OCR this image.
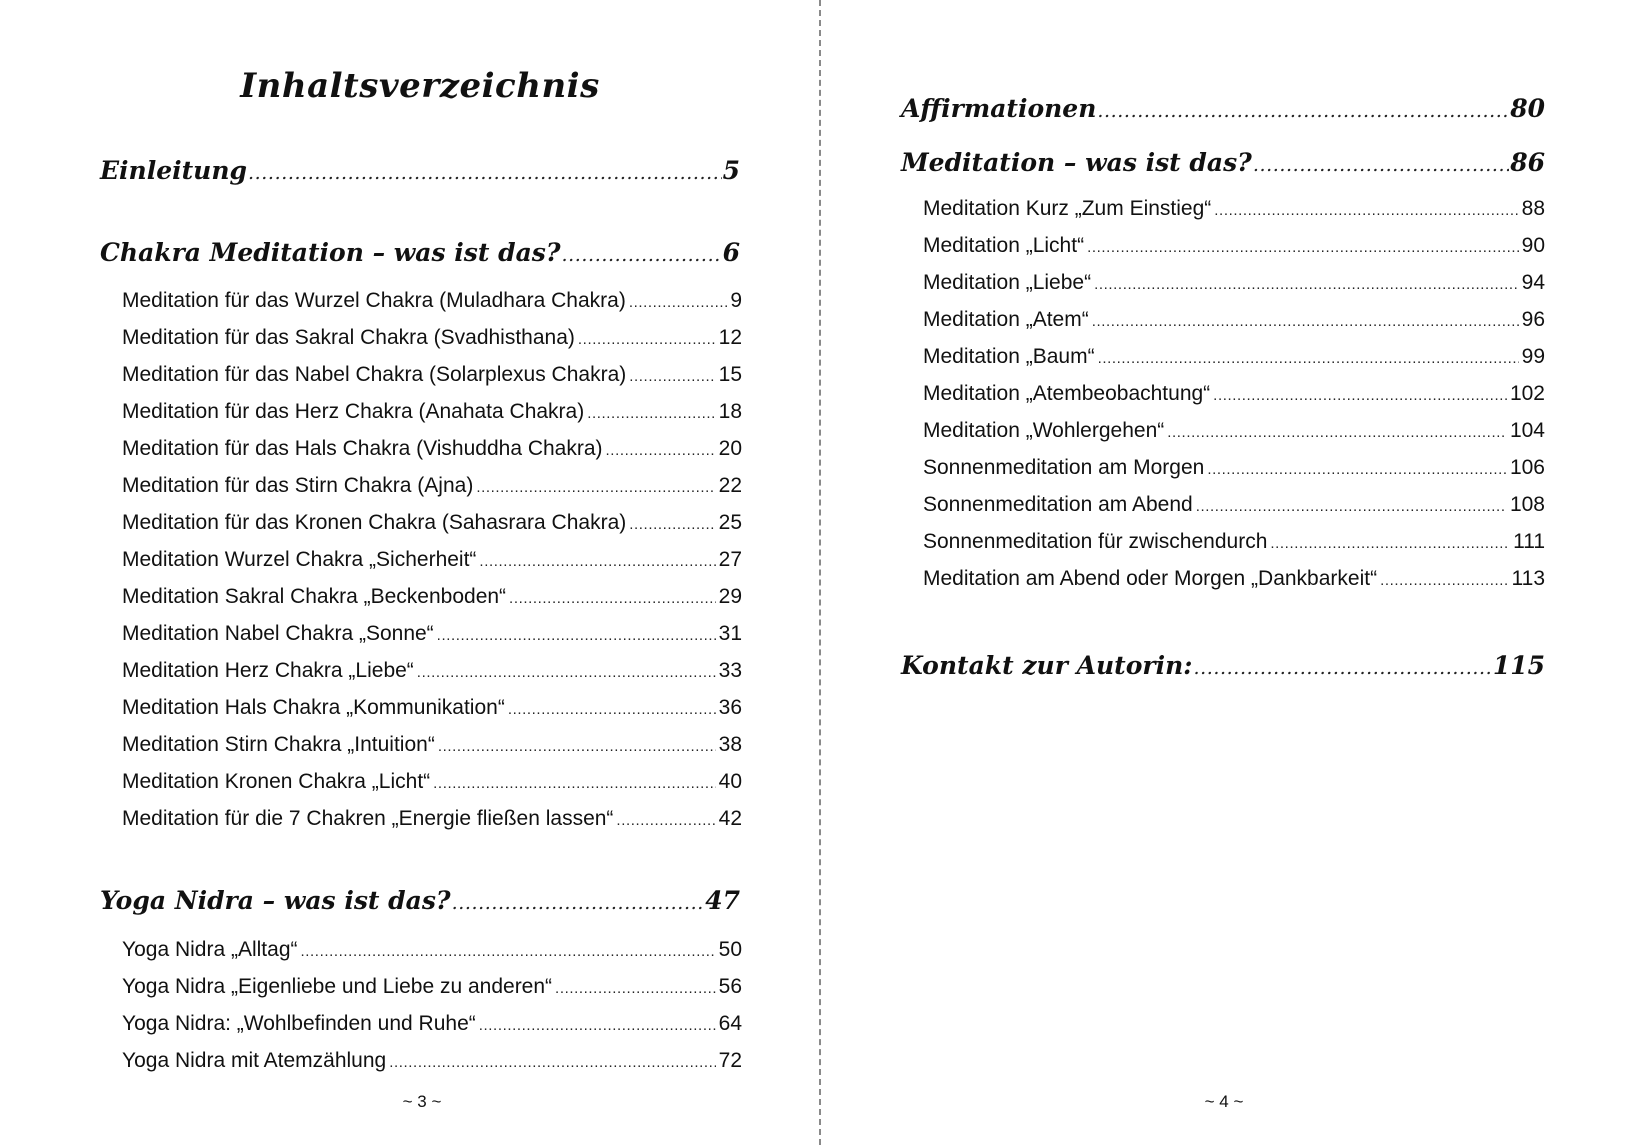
Inhaltsverzeichnis
Einleitung .....	5
Chakra Meditation – was ist das? .....	6
Meditation für das Wurzel Chakra (Muladhara Chakra) .....	9
Meditation für das Sakral Chakra (Svadhisthana) .....	12
Meditation für das Nabel Chakra (Solarplexus Chakra) .....	15
Meditation für das Herz Chakra (Anahata Chakra) .....	18
Meditation für das Hals Chakra (Vishuddha Chakra) .....	20
Meditation für das Stirn Chakra (Ajna) .....	22
Meditation für das Kronen Chakra (Sahasrara Chakra) .....	25
Meditation Wurzel Chakra „Sicherheit“ .....	27
Meditation Sakral Chakra „Beckenboden“ .....	29
Meditation Nabel Chakra „Sonne“ .....	31
Meditation Herz Chakra „Liebe“ .....	33
Meditation Hals Chakra „Kommunikation“ .....	36
Meditation Stirn Chakra „Intuition“ .....	38
Meditation Kronen Chakra „Licht“ .....	40
Meditation für die 7 Chakren „Energie fließen lassen“ .....	42
Yoga Nidra – was ist das? .....	47
Yoga Nidra „Alltag“ .....	50
Yoga Nidra „Eigenliebe und Liebe zu anderen“ .....	56
Yoga Nidra: „Wohlbefinden und Ruhe“ .....	64
Yoga Nidra mit Atemzählung .....	72
~ 3 ~
Affirmationen .....	80
Meditation – was ist das? .....	86
Meditation Kurz „Zum Einstieg“ .....	88
Meditation „Licht“ .....	90
Meditation „Liebe“ .....	94
Meditation „Atem“ .....	96
Meditation „Baum“ .....	99
Meditation „Atembeobachtung“ .....	102
Meditation „Wohlergehen“ .....	104
Sonnenmeditation am Morgen .....	106
Sonnenmeditation am Abend .....	108
Sonnenmeditation für zwischendurch .....	111
Meditation am Abend oder Morgen „Dankbarkeit“ .....	113
Kontakt zur Autorin: .....	115
~ 4 ~
